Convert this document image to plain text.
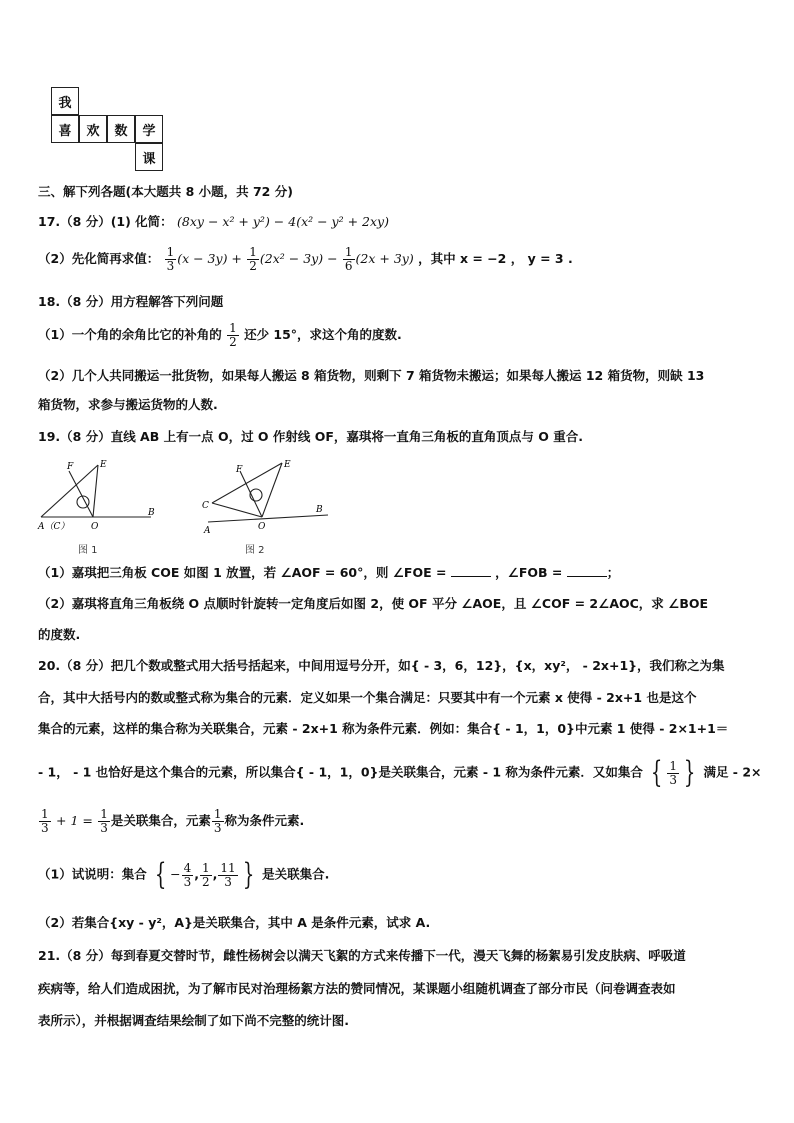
我
喜	欢	数	学
课
三、解下列各题(本大题共 8 小题，共 72 分)
17.（8 分）(1) 化简： (8xy − x² + y²) − 4(x² − y² + 2xy)
（2）先化简再求值： $\frac{1}{3} (x - 3y) + \frac{1}{2} (2x^2 - 3y) - \frac{1}{6} (2x + 3y)$ ，其中 x = −2 ， y = 3 .
18.（8 分）用方程解答下列问题
（1）一个角的余角比它的补角的 $\frac{1}{2}$ 还少 15°，求这个角的度数.
（2）几个人共同搬运一批货物，如果每人搬运 8 箱货物，则剩下 7 箱货物未搬运；如果每人搬运 12 箱货物，则缺 13
箱货物，求参与搬运货物的人数.
19.（8 分）直线 AB 上有一点 O，过 O 作射线 OF，嘉琪将一直角三角板的直角顶点与 O 重合.
F	E
A（C） O
B
F	E
C
A	O
B
图 1	图 2
（1）嘉琪把三角板 COE 如图 1 放置，若 ∠AOF = 60°，则 ∠FOE =	，∠FOB =	；
（2）嘉琪将直角三角板绕 O 点顺时针旋转一定角度后如图 2，使 OF 平分 ∠AOE，且 ∠COF = 2∠AOC，求 ∠BOE
的度数.
20.（8 分）把几个数或整式用大括号括起来，中间用逗号分开，如{ - 3，6，12}，{x，xy²， - 2x+1}，我们称之为集
合，其中大括号内的数或整式称为集合的元素．定义如果一个集合满足：只要其中有一个元素 x 使得 - 2x+1 也是这个
集合的元素，这样的集合称为关联集合，元素 - 2x+1 称为条件元素．例如：集合{ - 1，1，0}中元素 1 使得 - 2×1+1＝
- 1， - 1 也恰好是这个集合的元素，所以集合{ - 1，1，0}是关联集合，元素 - 1 称为条件元素．又如集合 { $\frac{1}{3}$ } 满足 - 2×
$\frac{1}{3} + 1 = \frac{1}{3}$ 是关联集合，元素 $\frac{1}{3}$ 称为条件元素.
（1）试说明：集合 { − $\frac{4}{3}$ , $\frac{1}{2}$ , $\frac{11}{3}$ } 是关联集合.
（2）若集合{xy - y²，A}是关联集合，其中 A 是条件元素，试求 A.
21.（8 分）每到春夏交替时节，雌性杨树会以满天飞絮的方式来传播下一代，漫天飞舞的杨絮易引发皮肤病、呼吸道
疾病等，给人们造成困扰，为了解市民对治理杨絮方法的赞同情况，某课题小组随机调查了部分市民（问卷调查表如
表所示），并根据调查结果绘制了如下尚不完整的统计图.
